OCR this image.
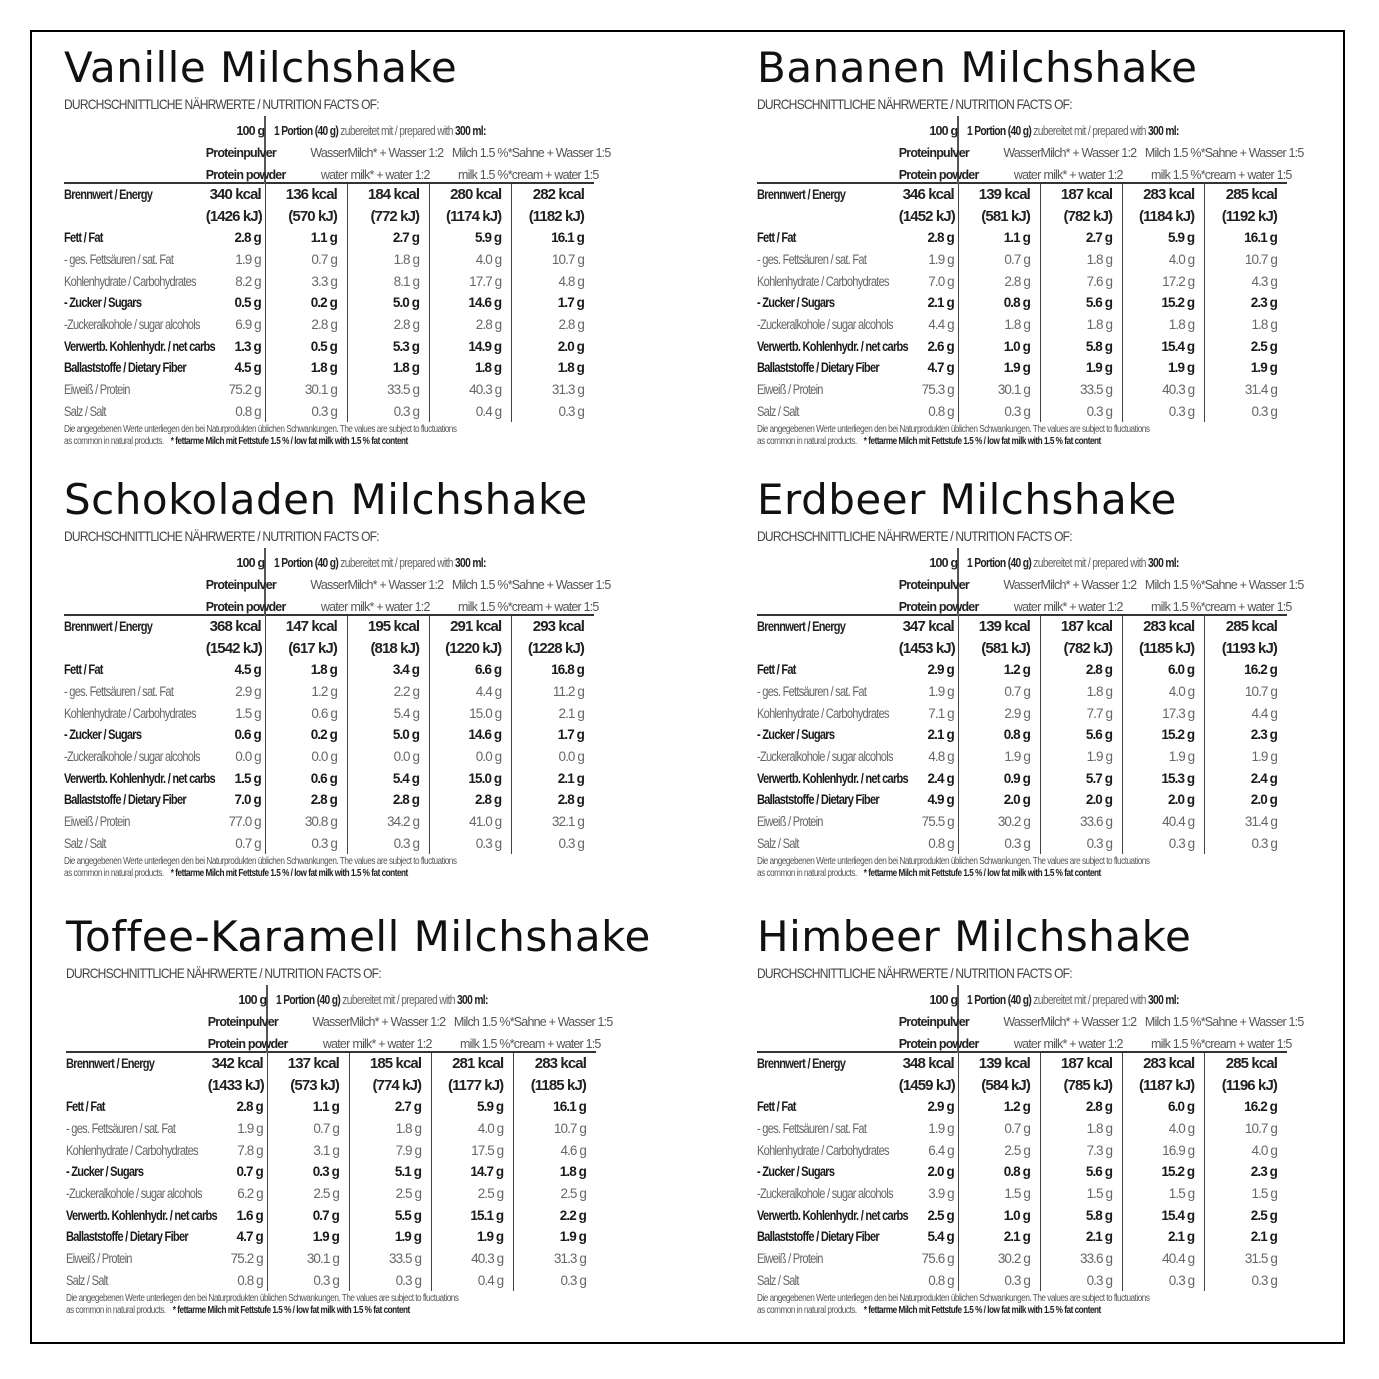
Vanille Milchshake
DURCHSCHNITTLICHE NÄHRWERTE / NUTRITION FACTS OF:
	100 g	1 Portion (40 g) zubereitet mit / prepared with 300 ml:			
	Proteinpulver	Wasser	Milch* + Wasser 1:2	Milch 1.5 %*	Sahne + Wasser 1:5
	Protein powder	water	milk* + water 1:2	milk 1.5 %*	cream + water 1:5

Brennwert / Energy	340 kcal	136 kcal	184 kcal	280 kcal	282 kcal
	(1426 kJ)	(570 kJ)	(772 kJ)	(1174 kJ)	(1182 kJ)
Fett / Fat	2.8 g	1.1 g	2.7 g	5.9 g	16.1 g
- ges. Fettsäuren / sat. Fat	1.9 g	0.7 g	1.8 g	4.0 g	10.7 g
Kohlenhydrate / Carbohydrates	8.2 g	3.3 g	8.1 g	17.7 g	4.8 g
- Zucker / Sugars	0.5 g	0.2 g	5.0 g	14.6 g	1.7 g
-Zuckeralkohole / sugar alcohols	6.9 g	2.8 g	2.8 g	2.8 g	2.8 g
Verwertb. Kohlenhydr. / net carbs	1.3 g	0.5 g	5.3 g	14.9 g	2.0 g
Ballaststoffe / Dietary Fiber	4.5 g	1.8 g	1.8 g	1.8 g	1.8 g
Eiweiß / Protein	75.2 g	30.1 g	33.5 g	40.3 g	31.3 g
Salz / Salt	0.8 g	0.3 g	0.3 g	0.4 g	0.3 g
Die angegebenen Werte unterliegen den bei Naturprodukten üblichen Schwankungen. The values are subject to fluctuations
as common in natural products. * fettarme Milch mit Fettstufe 1.5 % / low fat milk with 1.5 % fat content
Bananen Milchshake
DURCHSCHNITTLICHE NÄHRWERTE / NUTRITION FACTS OF:
	100 g	1 Portion (40 g) zubereitet mit / prepared with 300 ml:			
	Proteinpulver	Wasser	Milch* + Wasser 1:2	Milch 1.5 %*	Sahne + Wasser 1:5
	Protein powder	water	milk* + water 1:2	milk 1.5 %*	cream + water 1:5

Brennwert / Energy	346 kcal	139 kcal	187 kcal	283 kcal	285 kcal
	(1452 kJ)	(581 kJ)	(782 kJ)	(1184 kJ)	(1192 kJ)
Fett / Fat	2.8 g	1.1 g	2.7 g	5.9 g	16.1 g
- ges. Fettsäuren / sat. Fat	1.9 g	0.7 g	1.8 g	4.0 g	10.7 g
Kohlenhydrate / Carbohydrates	7.0 g	2.8 g	7.6 g	17.2 g	4.3 g
- Zucker / Sugars	2.1 g	0.8 g	5.6 g	15.2 g	2.3 g
-Zuckeralkohole / sugar alcohols	4.4 g	1.8 g	1.8 g	1.8 g	1.8 g
Verwertb. Kohlenhydr. / net carbs	2.6 g	1.0 g	5.8 g	15.4 g	2.5 g
Ballaststoffe / Dietary Fiber	4.7 g	1.9 g	1.9 g	1.9 g	1.9 g
Eiweiß / Protein	75.3 g	30.1 g	33.5 g	40.3 g	31.4 g
Salz / Salt	0.8 g	0.3 g	0.3 g	0.3 g	0.3 g
Die angegebenen Werte unterliegen den bei Naturprodukten üblichen Schwankungen. The values are subject to fluctuations
as common in natural products. * fettarme Milch mit Fettstufe 1.5 % / low fat milk with 1.5 % fat content
Schokoladen Milchshake
DURCHSCHNITTLICHE NÄHRWERTE / NUTRITION FACTS OF:
	100 g	1 Portion (40 g) zubereitet mit / prepared with 300 ml:			
	Proteinpulver	Wasser	Milch* + Wasser 1:2	Milch 1.5 %*	Sahne + Wasser 1:5
	Protein powder	water	milk* + water 1:2	milk 1.5 %*	cream + water 1:5

Brennwert / Energy	368 kcal	147 kcal	195 kcal	291 kcal	293 kcal
	(1542 kJ)	(617 kJ)	(818 kJ)	(1220 kJ)	(1228 kJ)
Fett / Fat	4.5 g	1.8 g	3.4 g	6.6 g	16.8 g
- ges. Fettsäuren / sat. Fat	2.9 g	1.2 g	2.2 g	4.4 g	11.2 g
Kohlenhydrate / Carbohydrates	1.5 g	0.6 g	5.4 g	15.0 g	2.1 g
- Zucker / Sugars	0.6 g	0.2 g	5.0 g	14.6 g	1.7 g
-Zuckeralkohole / sugar alcohols	0.0 g	0.0 g	0.0 g	0.0 g	0.0 g
Verwertb. Kohlenhydr. / net carbs	1.5 g	0.6 g	5.4 g	15.0 g	2.1 g
Ballaststoffe / Dietary Fiber	7.0 g	2.8 g	2.8 g	2.8 g	2.8 g
Eiweiß / Protein	77.0 g	30.8 g	34.2 g	41.0 g	32.1 g
Salz / Salt	0.7 g	0.3 g	0.3 g	0.3 g	0.3 g
Die angegebenen Werte unterliegen den bei Naturprodukten üblichen Schwankungen. The values are subject to fluctuations
as common in natural products. * fettarme Milch mit Fettstufe 1.5 % / low fat milk with 1.5 % fat content
Erdbeer Milchshake
DURCHSCHNITTLICHE NÄHRWERTE / NUTRITION FACTS OF:
	100 g	1 Portion (40 g) zubereitet mit / prepared with 300 ml:			
	Proteinpulver	Wasser	Milch* + Wasser 1:2	Milch 1.5 %*	Sahne + Wasser 1:5
	Protein powder	water	milk* + water 1:2	milk 1.5 %*	cream + water 1:5

Brennwert / Energy	347 kcal	139 kcal	187 kcal	283 kcal	285 kcal
	(1453 kJ)	(581 kJ)	(782 kJ)	(1185 kJ)	(1193 kJ)
Fett / Fat	2.9 g	1.2 g	2.8 g	6.0 g	16.2 g
- ges. Fettsäuren / sat. Fat	1.9 g	0.7 g	1.8 g	4.0 g	10.7 g
Kohlenhydrate / Carbohydrates	7.1 g	2.9 g	7.7 g	17.3 g	4.4 g
- Zucker / Sugars	2.1 g	0.8 g	5.6 g	15.2 g	2.3 g
-Zuckeralkohole / sugar alcohols	4.8 g	1.9 g	1.9 g	1.9 g	1.9 g
Verwertb. Kohlenhydr. / net carbs	2.4 g	0.9 g	5.7 g	15.3 g	2.4 g
Ballaststoffe / Dietary Fiber	4.9 g	2.0 g	2.0 g	2.0 g	2.0 g
Eiweiß / Protein	75.5 g	30.2 g	33.6 g	40.4 g	31.4 g
Salz / Salt	0.8 g	0.3 g	0.3 g	0.3 g	0.3 g
Die angegebenen Werte unterliegen den bei Naturprodukten üblichen Schwankungen. The values are subject to fluctuations
as common in natural products. * fettarme Milch mit Fettstufe 1.5 % / low fat milk with 1.5 % fat content
Toffee-Karamell Milchshake
DURCHSCHNITTLICHE NÄHRWERTE / NUTRITION FACTS OF:
	100 g	1 Portion (40 g) zubereitet mit / prepared with 300 ml:			
	Proteinpulver	Wasser	Milch* + Wasser 1:2	Milch 1.5 %*	Sahne + Wasser 1:5
	Protein powder	water	milk* + water 1:2	milk 1.5 %*	cream + water 1:5

Brennwert / Energy	342 kcal	137 kcal	185 kcal	281 kcal	283 kcal
	(1433 kJ)	(573 kJ)	(774 kJ)	(1177 kJ)	(1185 kJ)
Fett / Fat	2.8 g	1.1 g	2.7 g	5.9 g	16.1 g
- ges. Fettsäuren / sat. Fat	1.9 g	0.7 g	1.8 g	4.0 g	10.7 g
Kohlenhydrate / Carbohydrates	7.8 g	3.1 g	7.9 g	17.5 g	4.6 g
- Zucker / Sugars	0.7 g	0.3 g	5.1 g	14.7 g	1.8 g
-Zuckeralkohole / sugar alcohols	6.2 g	2.5 g	2.5 g	2.5 g	2.5 g
Verwertb. Kohlenhydr. / net carbs	1.6 g	0.7 g	5.5 g	15.1 g	2.2 g
Ballaststoffe / Dietary Fiber	4.7 g	1.9 g	1.9 g	1.9 g	1.9 g
Eiweiß / Protein	75.2 g	30.1 g	33.5 g	40.3 g	31.3 g
Salz / Salt	0.8 g	0.3 g	0.3 g	0.4 g	0.3 g
Die angegebenen Werte unterliegen den bei Naturprodukten üblichen Schwankungen. The values are subject to fluctuations
as common in natural products. * fettarme Milch mit Fettstufe 1.5 % / low fat milk with 1.5 % fat content
Himbeer Milchshake
DURCHSCHNITTLICHE NÄHRWERTE / NUTRITION FACTS OF:
	100 g	1 Portion (40 g) zubereitet mit / prepared with 300 ml:			
	Proteinpulver	Wasser	Milch* + Wasser 1:2	Milch 1.5 %*	Sahne + Wasser 1:5
	Protein powder	water	milk* + water 1:2	milk 1.5 %*	cream + water 1:5

Brennwert / Energy	348 kcal	139 kcal	187 kcal	283 kcal	285 kcal
	(1459 kJ)	(584 kJ)	(785 kJ)	(1187 kJ)	(1196 kJ)
Fett / Fat	2.9 g	1.2 g	2.8 g	6.0 g	16.2 g
- ges. Fettsäuren / sat. Fat	1.9 g	0.7 g	1.8 g	4.0 g	10.7 g
Kohlenhydrate / Carbohydrates	6.4 g	2.5 g	7.3 g	16.9 g	4.0 g
- Zucker / Sugars	2.0 g	0.8 g	5.6 g	15.2 g	2.3 g
-Zuckeralkohole / sugar alcohols	3.9 g	1.5 g	1.5 g	1.5 g	1.5 g
Verwertb. Kohlenhydr. / net carbs	2.5 g	1.0 g	5.8 g	15.4 g	2.5 g
Ballaststoffe / Dietary Fiber	5.4 g	2.1 g	2.1 g	2.1 g	2.1 g
Eiweiß / Protein	75.6 g	30.2 g	33.6 g	40.4 g	31.5 g
Salz / Salt	0.8 g	0.3 g	0.3 g	0.3 g	0.3 g
Die angegebenen Werte unterliegen den bei Naturprodukten üblichen Schwankungen. The values are subject to fluctuations
as common in natural products. * fettarme Milch mit Fettstufe 1.5 % / low fat milk with 1.5 % fat content
